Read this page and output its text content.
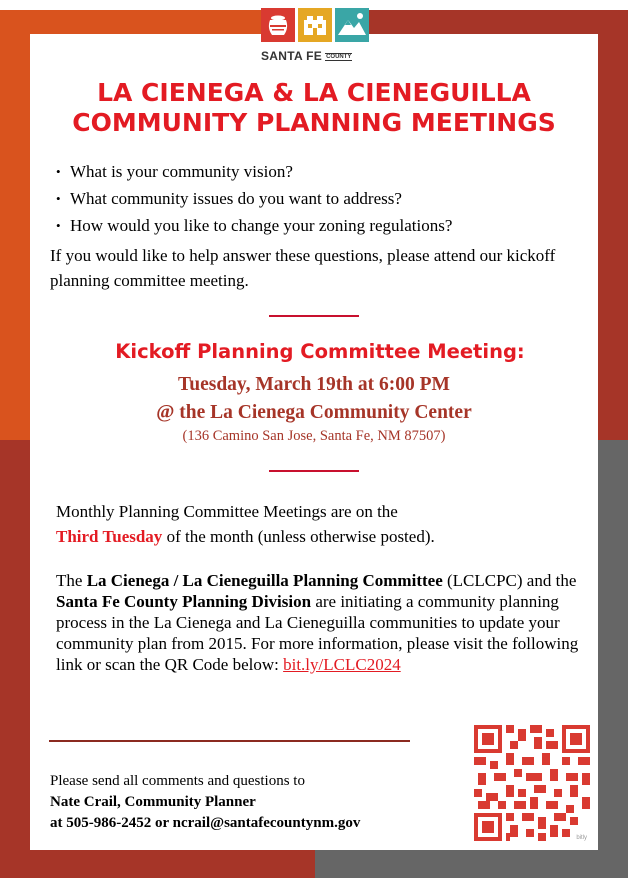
SANTA FE COUNTY
LA CIENEGA & LA CIENEGUILLA
COMMUNITY PLANNING MEETINGS
• What is your community vision?
• What community issues do you want to address?
• How would you like to change your zoning regulations?
If you would like to help answer these questions, please attend our kickoff planning committee meeting.
Kickoff Planning Committee Meeting:
Tuesday, March 19th at 6:00 PM
@ the La Cienega Community Center
(136 Camino San Jose, Santa Fe, NM 87507)
Monthly Planning Committee Meetings are on the
Third Tuesday of the month (unless otherwise posted).
The La Cienega / La Cieneguilla Planning Committee (LCLCPC) and the Santa Fe County Planning Division are initiating a community planning process in the La Cienega and La Cieneguilla communities to update your community plan from 2015. For more information, please visit the following link or scan the QR Code below: bit.ly/LCLC2024
Please send all comments and questions to
Nate Crail, Community Planner
at 505-986-2452 or ncrail@santafecountynm.gov
bitly
